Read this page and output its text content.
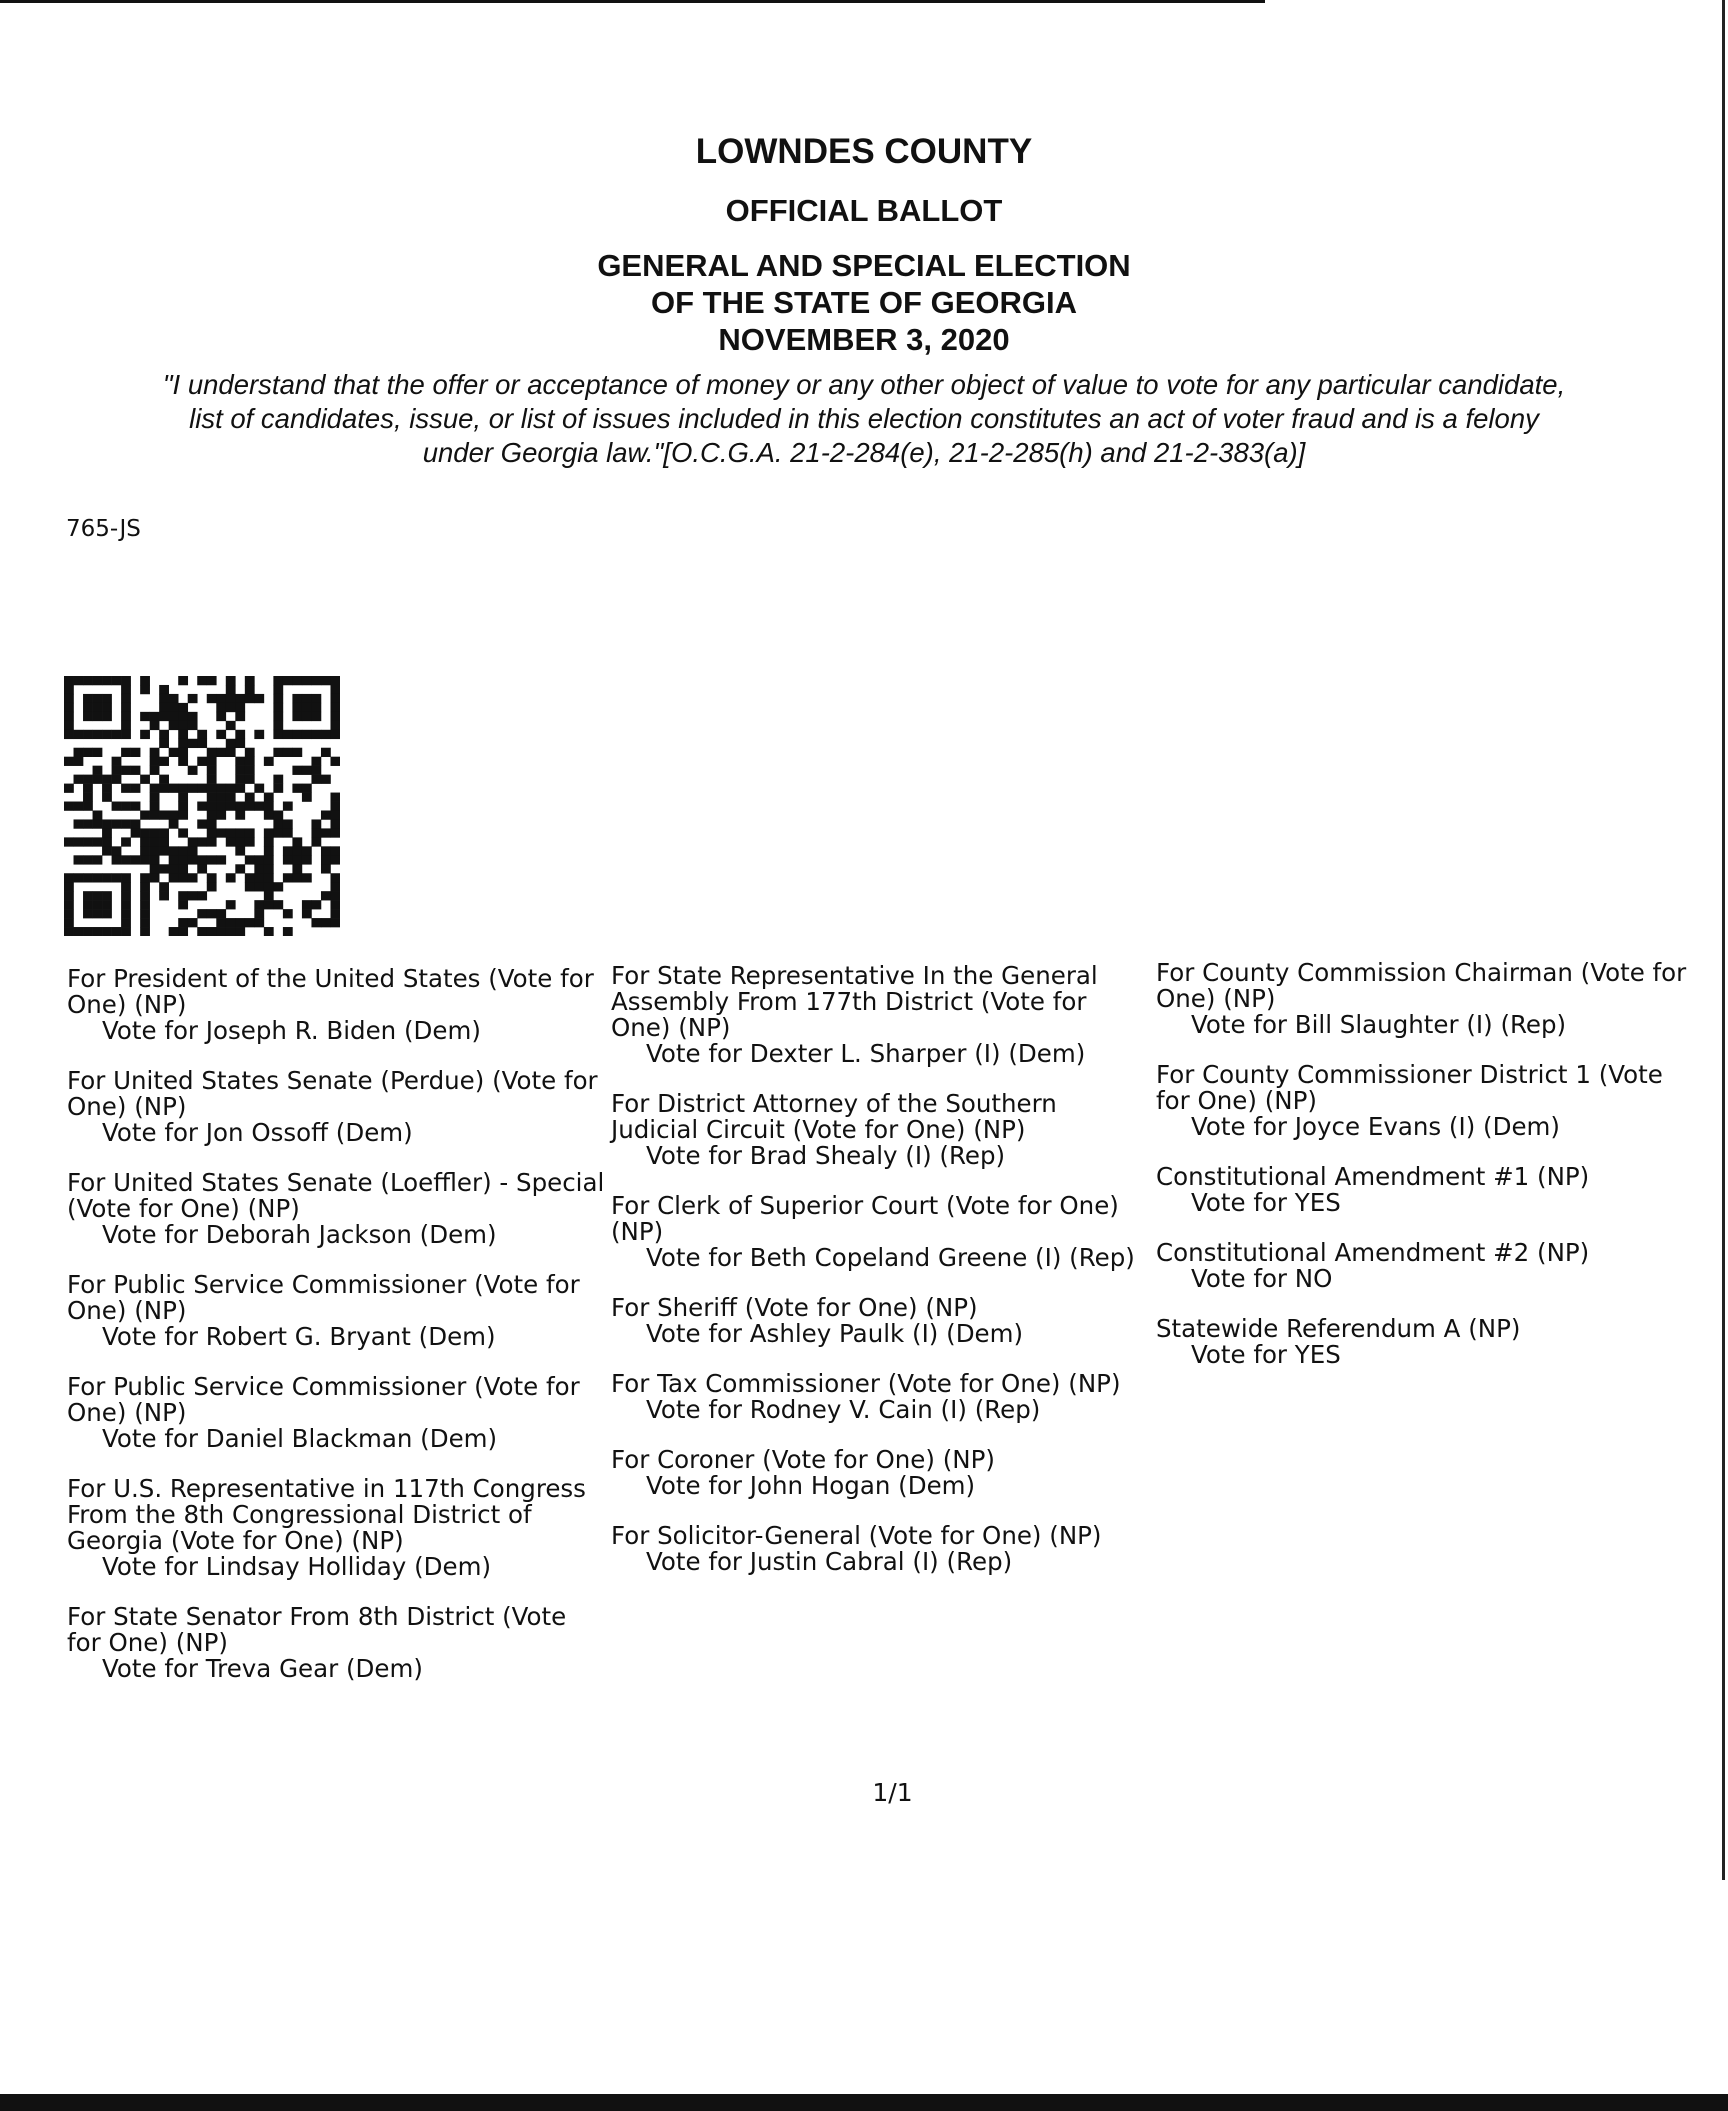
LOWNDES COUNTY
OFFICIAL BALLOT
GENERAL AND SPECIAL ELECTION
OF THE STATE OF GEORGIA
NOVEMBER 3, 2020
"I understand that the offer or acceptance of money or any other object of value to vote for any particular candidate,
list of candidates, issue, or list of issues included in this election constitutes an act of voter fraud and is a felony
under Georgia law."[O.C.G.A. 21-2-284(e), 21-2-285(h) and 21-2-383(a)]
765-JS
For President of the United States (Vote for One) (NP)
Vote for Joseph R. Biden (Dem)
For United States Senate (Perdue) (Vote for One) (NP)
Vote for Jon Ossoff (Dem)
For United States Senate (Loeffler) - Special (Vote for One) (NP)
Vote for Deborah Jackson (Dem)
For Public Service Commissioner (Vote for One) (NP)
Vote for Robert G. Bryant (Dem)
For Public Service Commissioner (Vote for One) (NP)
Vote for Daniel Blackman (Dem)
For U.S. Representative in 117th Congress From the 8th Congressional District of Georgia (Vote for One) (NP)
Vote for Lindsay Holliday (Dem)
For State Senator From 8th District (Vote for One) (NP)
Vote for Treva Gear (Dem)
For State Representative In the General Assembly From 177th District (Vote for One) (NP)
Vote for Dexter L. Sharper (I) (Dem)
For District Attorney of the Southern Judicial Circuit (Vote for One) (NP)
Vote for Brad Shealy (I) (Rep)
For Clerk of Superior Court (Vote for One) (NP)
Vote for Beth Copeland Greene (I) (Rep)
For Sheriff (Vote for One) (NP)
Vote for Ashley Paulk (I) (Dem)
For Tax Commissioner (Vote for One) (NP)
Vote for Rodney V. Cain (I) (Rep)
For Coroner (Vote for One) (NP)
Vote for John Hogan (Dem)
For Solicitor-General (Vote for One) (NP)
Vote for Justin Cabral (I) (Rep)
For County Commission Chairman (Vote for One) (NP)
Vote for Bill Slaughter (I) (Rep)
For County Commissioner District 1 (Vote for One) (NP)
Vote for Joyce Evans (I) (Dem)
Constitutional Amendment #1 (NP)
Vote for YES
Constitutional Amendment #2 (NP)
Vote for NO
Statewide Referendum A (NP)
Vote for YES
1/1
